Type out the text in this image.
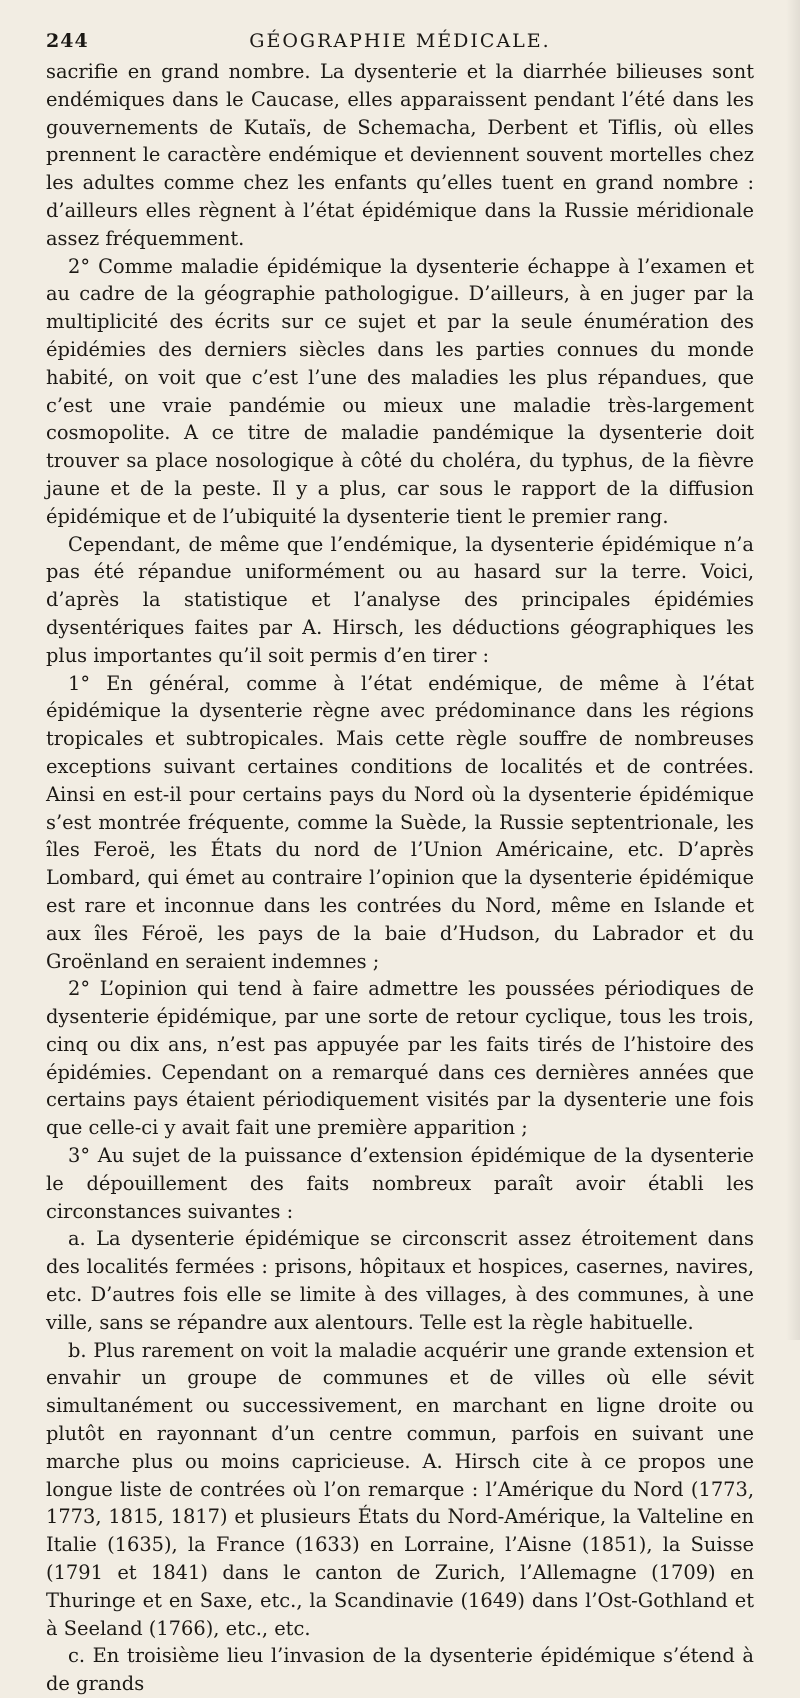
244	GÉOGRAPHIE MÉDICALE.

sacrifie en grand nombre. La dysenterie et la diarrhée bilieuses sont endémiques dans le Caucase, elles apparaissent pendant l’été dans les gouvernements de Kutaïs, de Schemacha, Derbent et Tiflis, où elles prennent le caractère endémique et deviennent souvent mortelles chez les adultes comme chez les enfants qu’elles tuent en grand nombre : d’ailleurs elles règnent à l’état épidémique dans la Russie méridionale assez fréquemment.

2° Comme maladie épidémique la dysenterie échappe à l’examen et au cadre de la géographie pathologigue. D’ailleurs, à en juger par la multiplicité des écrits sur ce sujet et par la seule énumération des épidémies des derniers siècles dans les parties connues du monde habité, on voit que c’est l’une des maladies les plus répandues, que c’est une vraie pandémie ou mieux une maladie très-largement cosmopolite. A ce titre de maladie pandémique la dysenterie doit trouver sa place nosologique à côté du choléra, du typhus, de la fièvre jaune et de la peste. Il y a plus, car sous le rapport de la diffusion épidémique et de l’ubiquité la dysenterie tient le premier rang.

Cependant, de même que l’endémique, la dysenterie épidémique n’a pas été répandue uniformément ou au hasard sur la terre. Voici, d’après la statistique et l’analyse des principales épidémies dysentériques faites par A. Hirsch, les déductions géographiques les plus importantes qu’il soit permis d’en tirer :

1° En général, comme à l’état endémique, de même à l’état épidémique la dysenterie règne avec prédominance dans les régions tropicales et subtropicales. Mais cette règle souffre de nombreuses exceptions suivant certaines conditions de localités et de contrées. Ainsi en est-il pour certains pays du Nord où la dysenterie épidémique s’est montrée fréquente, comme la Suède, la Russie septentrionale, les îles Feroë, les États du nord de l’Union Américaine, etc. D’après Lombard, qui émet au contraire l’opinion que la dysenterie épidémique est rare et inconnue dans les contrées du Nord, même en Islande et aux îles Féroë, les pays de la baie d’Hudson, du Labrador et du Groënland en seraient indemnes ;

2° L’opinion qui tend à faire admettre les poussées périodiques de dysenterie épidémique, par une sorte de retour cyclique, tous les trois, cinq ou dix ans, n’est pas appuyée par les faits tirés de l’histoire des épidémies. Cependant on a remarqué dans ces dernières années que certains pays étaient périodiquement visités par la dysenterie une fois que celle-ci y avait fait une première apparition ;

3° Au sujet de la puissance d’extension épidémique de la dysenterie le dépouillement des faits nombreux paraît avoir établi les circonstances suivantes :

a. La dysenterie épidémique se circonscrit assez étroitement dans des localités fermées : prisons, hôpitaux et hospices, casernes, navires, etc. D’autres fois elle se limite à des villages, à des communes, à une ville, sans se répandre aux alentours. Telle est la règle habituelle.

b. Plus rarement on voit la maladie acquérir une grande extension et envahir un groupe de communes et de villes où elle sévit simultanément ou successivement, en marchant en ligne droite ou plutôt en rayonnant d’un centre commun, parfois en suivant une marche plus ou moins capricieuse. A. Hirsch cite à ce propos une longue liste de contrées où l’on remarque : l’Amérique du Nord (1773, 1773, 1815, 1817) et plusieurs États du Nord-Amérique, la Valteline en Italie (1635), la France (1633) en Lorraine, l’Aisne (1851), la Suisse (1791 et 1841) dans le canton de Zurich, l’Allemagne (1709) en Thuringe et en Saxe, etc., la Scandinavie (1649) dans l’Ost-Gothland et à Seeland (1766), etc., etc.

c. En troisième lieu l’invasion de la dysenterie épidémique s’étend à de grands
